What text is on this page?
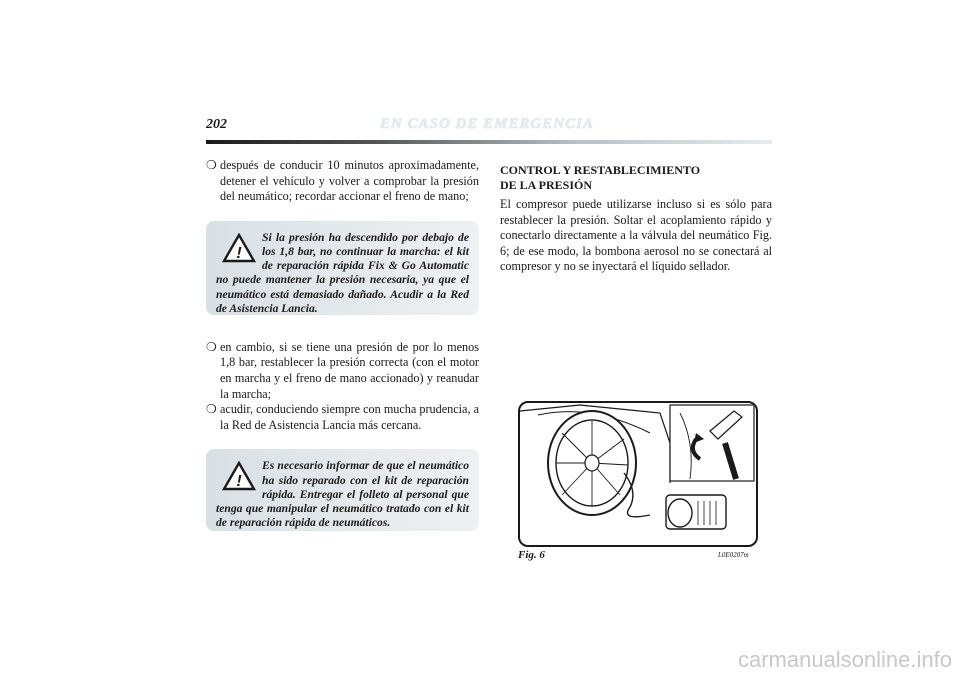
202	EN CASO DE EMERGENCIA
❍ después de conducir 10 minutos aproximadamente, detener el vehículo y volver a comprobar la presión del neumático; recordar accionar el freno de mano;

!

Si la presión ha descendido por debajo de los 1,8 bar, no continuar la marcha: el kit de reparación rápida Fix & Go Automatic no puede mantener la presión necesaria, ya que el neumático está demasiado dañado. Acudir a la Red de Asistencia Lancia.

❍ en cambio, si se tiene una presión de por lo menos 1,8 bar, restablecer la presión correcta (con el motor en marcha y el freno de mano accionado) y reanudar la marcha;

❍ acudir, conduciendo siempre con mucha prudencia, a la Red de Asistencia Lancia más cercana.

!

Es necesario informar de que el neumático ha sido reparado con el kit de reparación rápida. Entregar el folleto al personal que tenga que manipular el neumático tratado con el kit de reparación rápida de neumáticos.

CONTROL Y RESTABLECIMIENTO

DE LA PRESIÓN

El compresor puede utilizarse incluso si es sólo para restablecer la presión. Soltar el acoplamiento rápido y conectarlo directamente a la válvula del neumático Fig. 6; de ese modo, la bombona aerosol no se conectará al compresor y no se inyectará el líquido sellador.

Fig. 6	L0E0207m
carmanualsonline.info
